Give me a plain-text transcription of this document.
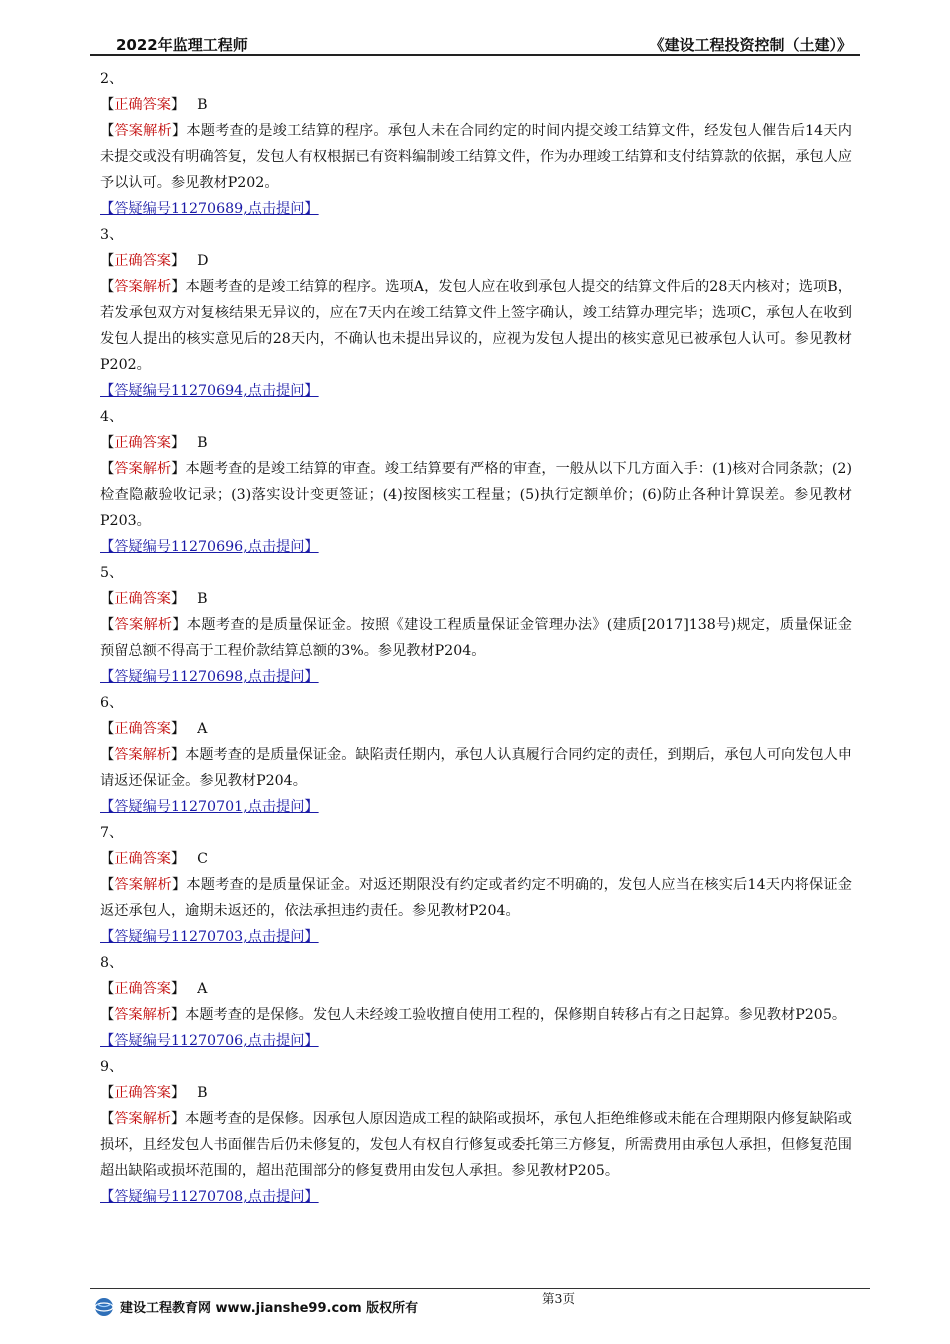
2022年监理工程师	《建设工程投资控制（土建）》
2、
【正确答案】 B
【答案解析】本题考查的是竣工结算的程序。承包人未在合同约定的时间内提交竣工结算文件，经发包人催告后14天内未提交或没有明确答复，发包人有权根据已有资料编制竣工结算文件，作为办理竣工结算和支付结算款的依据，承包人应予以认可。参见教材P202。
【答疑编号11270689,点击提问】
3、
【正确答案】 D
【答案解析】本题考查的是竣工结算的程序。选项A，发包人应在收到承包人提交的结算文件后的28天内核对；选项B，若发承包双方对复核结果无异议的，应在7天内在竣工结算文件上签字确认，竣工结算办理完毕；选项C，承包人在收到发包人提出的核实意见后的28天内，不确认也未提出异议的，应视为发包人提出的核实意见已被承包人认可。参见教材P202。
【答疑编号11270694,点击提问】
4、
【正确答案】 B
【答案解析】本题考查的是竣工结算的审查。竣工结算要有严格的审查，一般从以下几方面入手：(1)核对合同条款；(2)检查隐蔽验收记录；(3)落实设计变更签证；(4)按图核实工程量；(5)执行定额单价；(6)防止各种计算误差。参见教材P203。
【答疑编号11270696,点击提问】
5、
【正确答案】 B
【答案解析】本题考查的是质量保证金。按照《建设工程质量保证金管理办法》(建质[2017]138号)规定，质量保证金预留总额不得高于工程价款结算总额的3%。参见教材P204。
【答疑编号11270698,点击提问】
6、
【正确答案】 A
【答案解析】本题考查的是质量保证金。缺陷责任期内，承包人认真履行合同约定的责任，到期后，承包人可向发包人申请返还保证金。参见教材P204。
【答疑编号11270701,点击提问】
7、
【正确答案】 C
【答案解析】本题考查的是质量保证金。对返还期限没有约定或者约定不明确的，发包人应当在核实后14天内将保证金返还承包人，逾期未返还的，依法承担违约责任。参见教材P204。
【答疑编号11270703,点击提问】
8、
【正确答案】 A
【答案解析】本题考查的是保修。发包人未经竣工验收擅自使用工程的，保修期自转移占有之日起算。参见教材P205。
【答疑编号11270706,点击提问】
9、
【正确答案】 B
【答案解析】本题考查的是保修。因承包人原因造成工程的缺陷或损坏，承包人拒绝维修或未能在合理期限内修复缺陷或损坏，且经发包人书面催告后仍未修复的，发包人有权自行修复或委托第三方修复，所需费用由承包人承担，但修复范围超出缺陷或损坏范围的，超出范围部分的修复费用由发包人承担。参见教材P205。
【答疑编号11270708,点击提问】
建设工程教育网 www.jianshe99.com 版权所有
第3页
